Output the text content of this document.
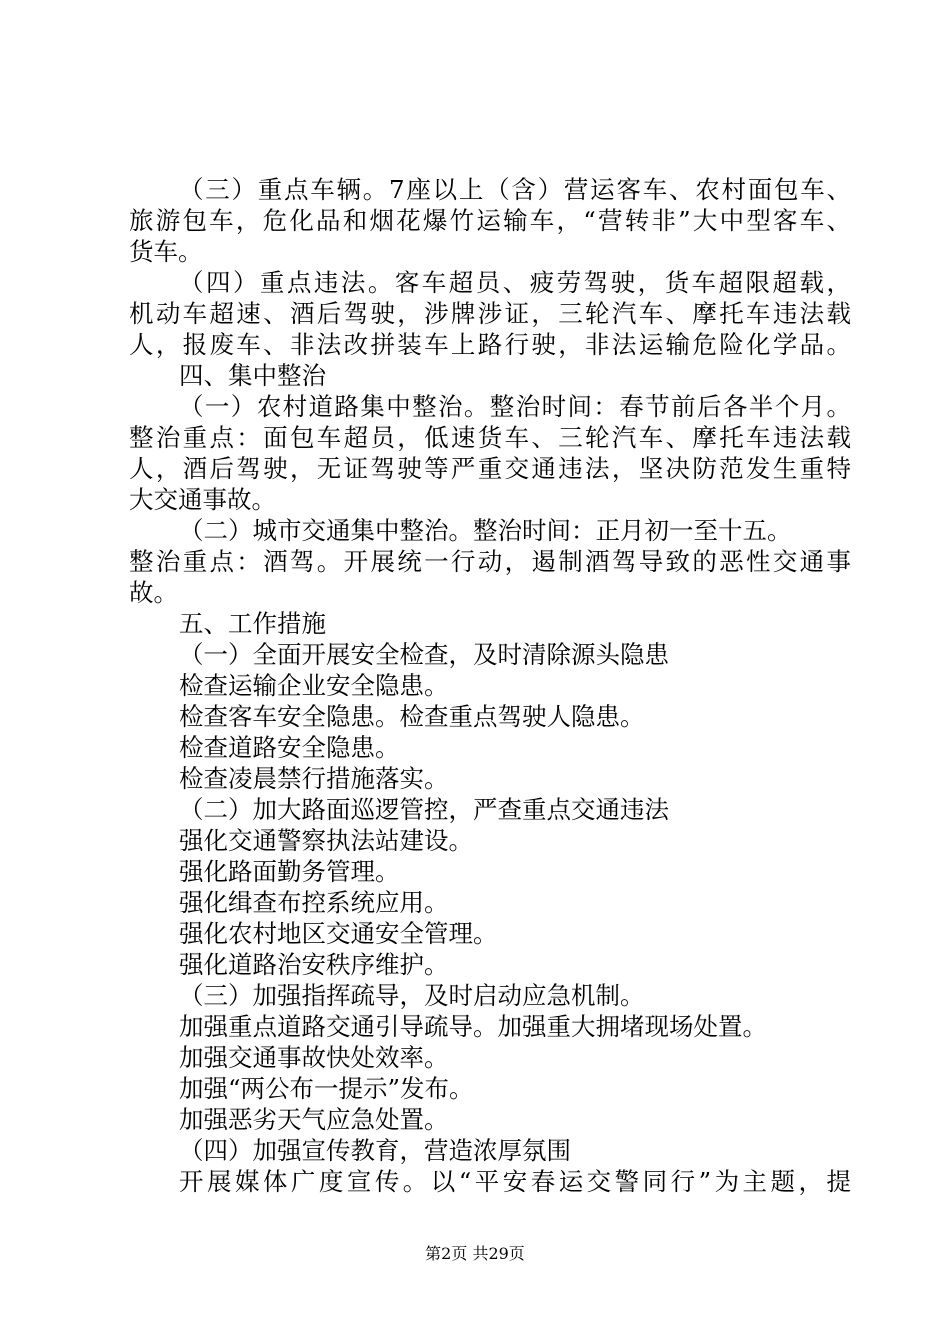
（三）重点车辆。7座以上（含）营运客车、农村面包车、
旅游包车，危化品和烟花爆竹运输车，“营转非”大中型客车、
货车。
（四）重点违法。客车超员、疲劳驾驶，货车超限超载，
机动车超速、酒后驾驶，涉牌涉证，三轮汽车、摩托车违法载
人，报废车、非法改拼装车上路行驶，非法运输危险化学品。
四、集中整治
（一）农村道路集中整治。整治时间：春节前后各半个月。
整治重点：面包车超员，低速货车、三轮汽车、摩托车违法载
人，酒后驾驶，无证驾驶等严重交通违法，坚决防范发生重特
大交通事故。
（二）城市交通集中整治。整治时间：正月初一至十五。
整治重点：酒驾。开展统一行动，遏制酒驾导致的恶性交通事
故。
五、工作措施
（一）全面开展安全检查，及时清除源头隐患
检查运输企业安全隐患。
检查客车安全隐患。检查重点驾驶人隐患。
检查道路安全隐患。
检查凌晨禁行措施落实。
（二）加大路面巡逻管控，严查重点交通违法
强化交通警察执法站建设。
强化路面勤务管理。
强化缉查布控系统应用。
强化农村地区交通安全管理。
强化道路治安秩序维护。
（三）加强指挥疏导，及时启动应急机制。
加强重点道路交通引导疏导。加强重大拥堵现场处置。
加强交通事故快处效率。
加强“两公布一提示”发布。
加强恶劣天气应急处置。
（四）加强宣传教育，营造浓厚氛围
开展媒体广度宣传。以“平安春运交警同行”为主题，提
第2页 共29页
